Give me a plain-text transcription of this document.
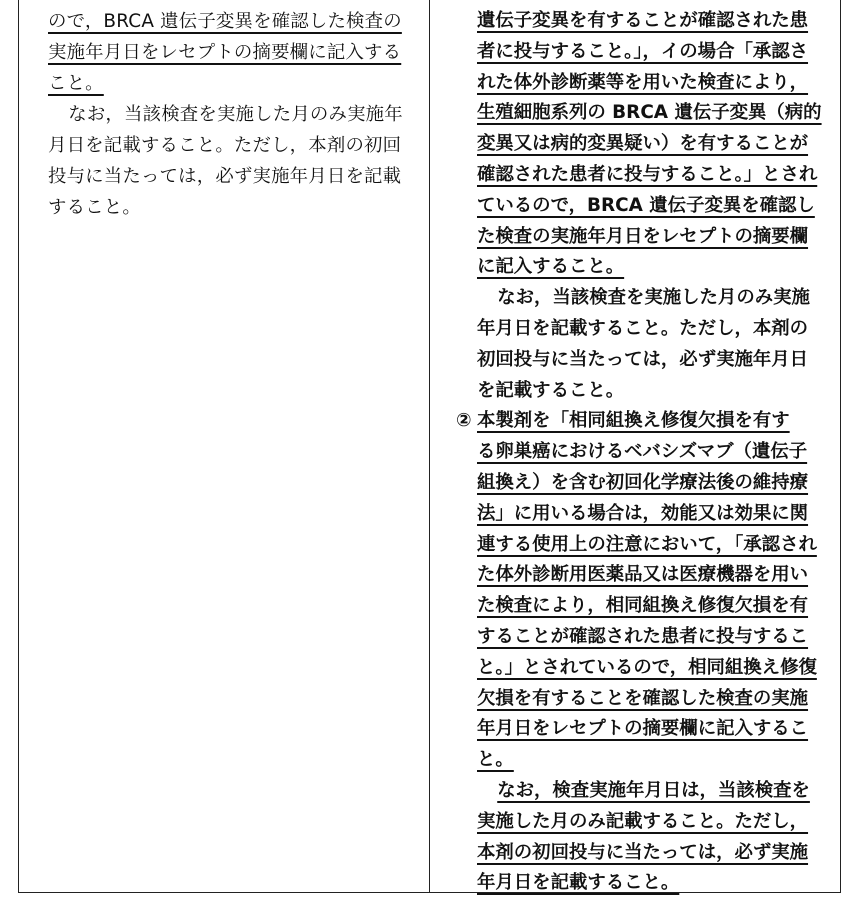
ので，BRCA 遺伝子変異を確認した検査の
実施年月日をレセプトの摘要欄に記入する
こと。
なお，当該検査を実施した月のみ実施年
月日を記載すること。ただし，本剤の初回
投与に当たっては，必ず実施年月日を記載
すること。
遺伝子変異を有することが確認された患
者に投与すること。」，イの場合「承認さ
れた体外診断薬等を用いた検査により，
生殖細胞系列の BRCA 遺伝子変異（病的
変異又は病的変異疑い）を有することが
確認された患者に投与すること。」とされ
ているので，BRCA 遺伝子変異を確認し
た検査の実施年月日をレセプトの摘要欄
に記入すること。
なお，当該検査を実施した月のみ実施
年月日を記載すること。ただし，本剤の
初回投与に当たっては，必ず実施年月日
を記載すること。
② 本製剤を「相同組換え修復欠損を有す
る卵巣癌におけるベバシズマブ（遺伝子
組換え）を含む初回化学療法後の維持療
法」に用いる場合は，効能又は効果に関
連する使用上の注意において，「承認され
た体外診断用医薬品又は医療機器を用い
た検査により，相同組換え修復欠損を有
することが確認された患者に投与するこ
と。」とされているので，相同組換え修復
欠損を有することを確認した検査の実施
年月日をレセプトの摘要欄に記入するこ
と。
なお，検査実施年月日は，当該検査を
実施した月のみ記載すること。ただし，
本剤の初回投与に当たっては，必ず実施
年月日を記載すること。
